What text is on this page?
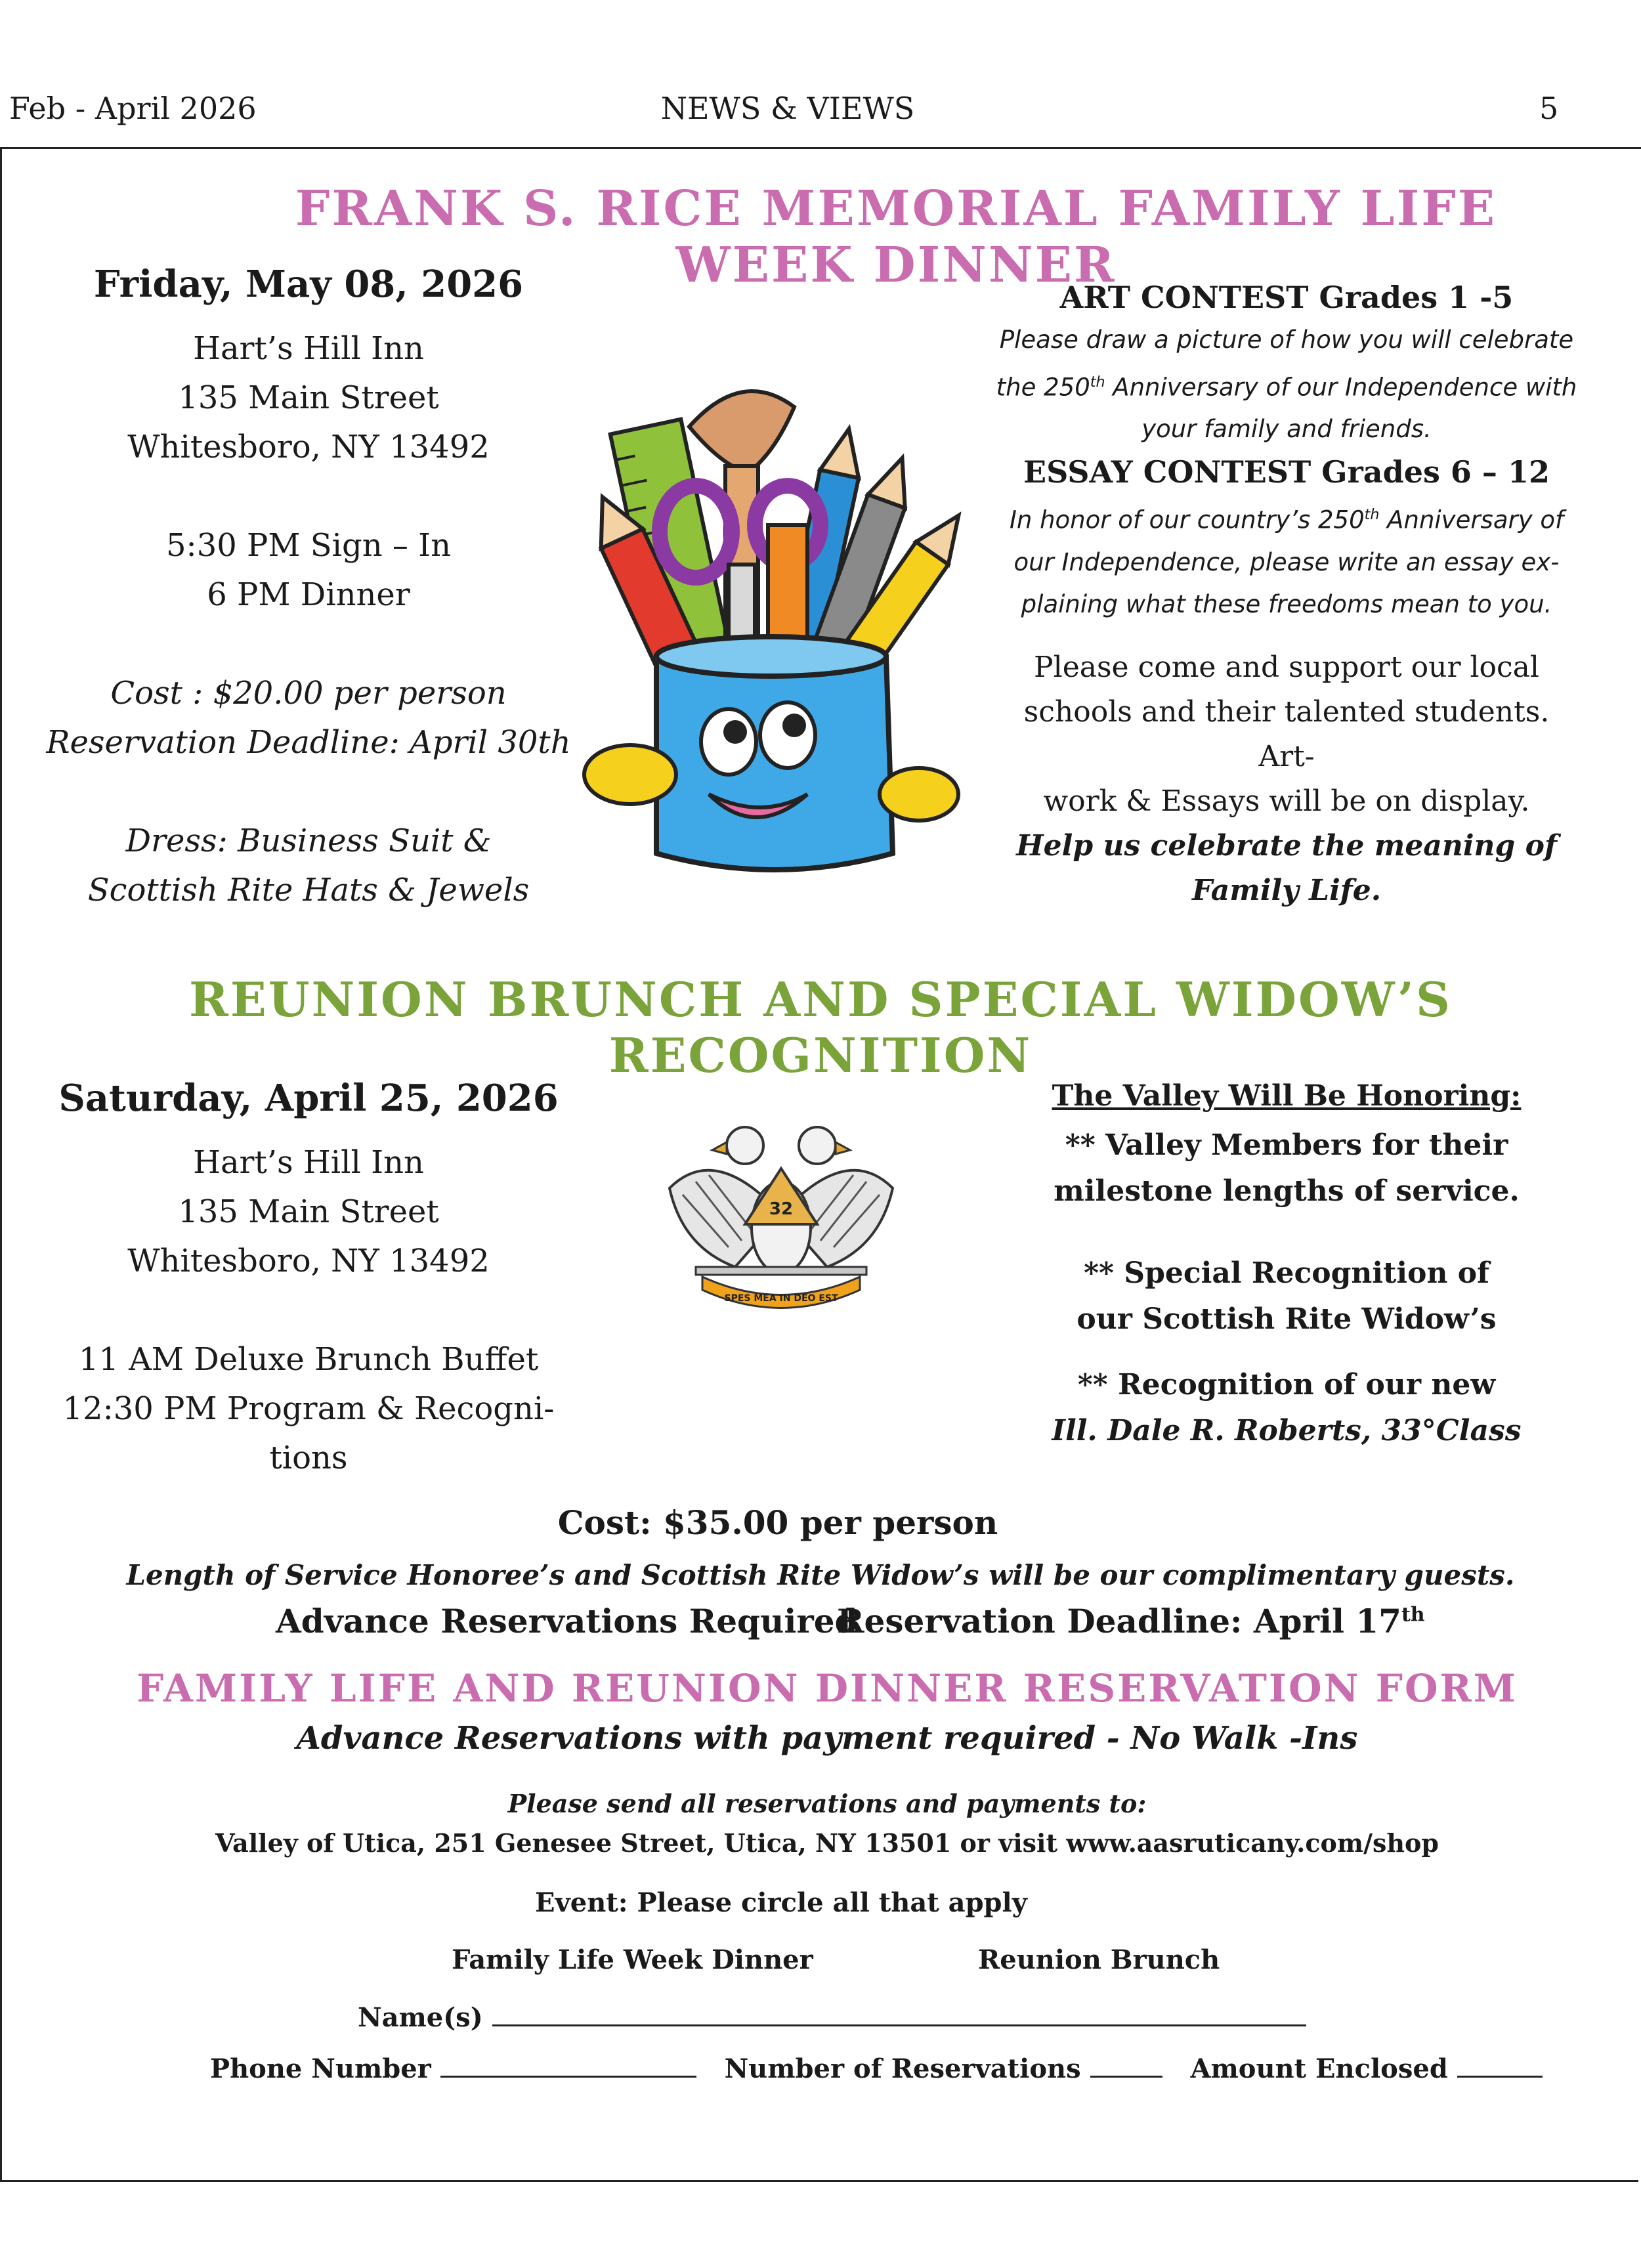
Feb - April 2026	NEWS & VIEWS	5
FRANK S. RICE MEMORIAL FAMILY LIFE WEEK DINNER
Friday, May 08, 2026
Hart’s Hill Inn
135 Main Street
Whitesboro, NY 13492
5:30 PM Sign – In
6 PM Dinner
Cost : $20.00 per person
Reservation Deadline: April 30th
Dress: Business Suit &
Scottish Rite Hats & Jewels
ART CONTEST Grades 1 -5
Please draw a picture of how you will celebrate
the 250th Anniversary of our Independence with
your family and friends.
ESSAY CONTEST Grades 6 – 12
In honor of our country’s 250th Anniversary of
our Independence, please write an essay ex-
plaining what these freedoms mean to you.
Please come and support our local
schools and their talented students. Art-
work & Essays will be on display.
Help us celebrate the meaning of
Family Life.
REUNION BRUNCH AND SPECIAL WIDOW’S RECOGNITION
Saturday, April 25, 2026
Hart’s Hill Inn
135 Main Street
Whitesboro, NY 13492
11 AM Deluxe Brunch Buffet
12:30 PM Program & Recogni-
tions
32
SPES MEA IN DEO EST
The Valley Will Be Honoring:
** Valley Members for their
milestone lengths of service.
** Special Recognition of
our Scottish Rite Widow’s
** Recognition of our new
Ill. Dale R. Roberts, 33°Class
Cost: $35.00 per person
Length of Service Honoree’s and Scottish Rite Widow’s will be our complimentary guests.
Advance Reservations Required
Reservation Deadline: April 17th
FAMILY LIFE AND REUNION DINNER RESERVATION FORM
Advance Reservations with payment required - No Walk -Ins
Please send all reservations and payments to:
Valley of Utica, 251 Genesee Street, Utica, NY 13501 or visit www.aasruticany.com/shop
Event: Please circle all that apply
Family Life Week Dinner	Reunion Brunch
Name(s)
Phone Number	Number of Reservations	Amount Enclosed
